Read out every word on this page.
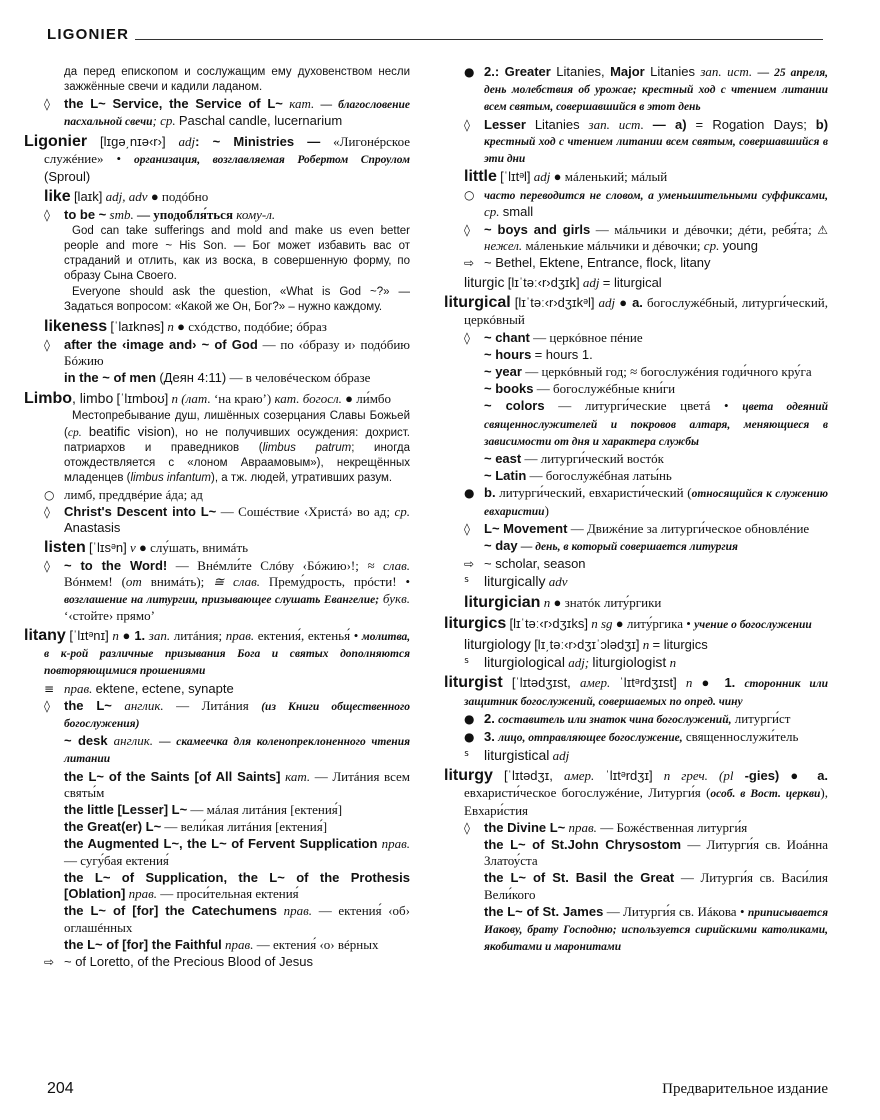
LIGONIER
да перед епископом и сослужащим ему духовенством несли зажжённые свечи и кадили ладаном.
◊ the L~ Service, the Service of L~ кат. — благословение пасхальной свечи; ср. Paschal candle, lucernarium
Ligonier [lɪgə͵nɪə‹r›] adj: ~ Ministries — «Лигонéрское служéние» • организация, возглавляемая Робертом Спроулом (Sproul)
like [laɪk] adj, adv ● подóбно
◊ to be ~ smb. — уподобля́ться кому-л.
God can take sufferings and mold and make us even better people and more ~ His Son. — Бог может избавить вас от страданий и отлить, как из воска, в совершенную форму, по образу Сына Своего.
Everyone should ask the question, «What is God ~?» — Задаться вопросом: «Какой же Он, Бог?» – нужно каждому.
likeness [ˈlaɪknəs] n ● схóдство, подóбие; óбраз
◊ after the ‹image and› ~ of God — по ‹óбразу и› подóбию Бóжию
in the ~ of men (Деян 4:11) — в человéческом óбразе
Limbo, limbo [ˈlɪmboʊ] n (лат. ‘на краю’) кат. богосл. ● ли́мбо
Местопребывание душ, лишённых созерцания Славы Божьей (ср. beatific vision), но не получивших осуждения: дохрист. патриархов и праведников (limbus patrum; иногда отождествляется с «лоном Авраамовым»), некрещённых младенцев (limbus infantum), а тж. людей, утративших разум.
○ лимб, преддвéрие áда; ад
◊ Christ's Descent into L~ — Сошéствие ‹Христá› во ад; ср. Anastasis
listen [ˈlɪsᵊn] v ● слу́шать, внимáть
◊ ~ to the Word! — Внéмли́те Слóву ‹Бóжию›!; ≈ слав. Вóнмем! (от внимáть); ≅ слав. Прему́дрость, прóсти! • возглашение на литургии, призывающее слушать Евангелие; букв. ‘‹стойте› прямо’
litany [ˈlɪtᵊnɪ] n ● 1. зап. литáния; прав. ектения́, ектенья́ • молитва, в к-рой различные призывания Бога и святых дополняются повторяющимися прошениями
≡ прав. ektene, ectene, synapte
◊ the L~ англик. — Литáния (из Книги общественного богослужения)
~ desk англик. — скамеечка для коленопреклоненного чтения литании
the L~ of the Saints [of All Saints] кат. — Литáния всем святы́м
the little [Lesser] L~ — мáлая литáния [ектения́]
the Great(er) L~ — вели́кая литáния [ектения́]
the Augmented L~, the L~ of Fervent Supplication прав. — сугу́бая ектения́
the L~ of Supplication, the L~ of the Prothesis [Oblation] прав. — проси́тельная ектения́
the L~ of [for] the Catechumens прав. — ектения́ ‹об› оглашéнных
the L~ of [for] the Faithful прав. — ектения́ ‹о› вéрных
⇨ ~ of Loretto, of the Precious Blood of Jesus
● 2.: Greater Litanies, Major Litanies зап. ист. — 25 апреля, день молебствия об урожае; крестный ход с чтением литании всем святым, совершавшийся в этот день
◊ Lesser Litanies зап. ист. — a) = Rogation Days; b) крестный ход с чтением литании всем святым, совершавшийся в эти дни
little [ˈlɪtᵊl] adj ● мáленький; мáлый
○ часто переводится не словом, а уменьшительными суффиксами, ср. small
◊ ~ boys and girls — мáльчики и дéвочки; дéти, ребя́та; ⚠ нежел. мáленькие мáльчики и дéвочки; ср. young
⇨ ~ Bethel, Ektene, Entrance, flock, litany
liturgic [lɪˈtəː‹r›dʒɪk] adj = liturgical
liturgical [lɪˈtəː‹r›dʒɪkᵊl] adj ● a. богослужéбный, литурги́ческий, церкóвный
◊ ~ chant — церкóвное пéние
~ hours = hours 1.
~ year — церкóвный год; ≈ богослужéния годи́чного кру́га
~ books — богослужéбные кни́ги
~ colors — литурги́ческие цветá • цвета одеяний священнослужителей и покровов алтаря, меняющиеся в зависимости от дня и характера службы
~ east — литурги́ческий востóк
~ Latin — богослужéбная латы́нь
● b. литурги́ческий, евхаристи́ческий (относящийся к служению евхаристии)
◊ L~ Movement — Движéние за литурги́ческое обновлéние
~ day — день, в который совершается литургия
⇨ ~ scholar, season
ᔆ liturgically adv
liturgician n ● знатóк литу́ргики
liturgics [lɪˈtəː‹r›dʒɪks] n sg ● литу́ргика • учение о богослужении
liturgiology [lɪ͵təː‹r›dʒɪˈɔlədʒɪ] n = liturgics
ᔆ liturgiological adj; liturgiologist n
liturgist [ˈlɪtədʒɪst, амер. ˈlɪtᵊrdʒɪst] n ● 1. сторонник или защитник богослужений, совершаемых по опред. чину
● 2. составитель или знаток чина богослужений, литурги́ст
● 3. лицо, отправляющее богослужение, священнослужи́тель
ᔆ liturgistical adj
liturgy [ˈlɪtədʒɪ, амер. ˈlɪtᵊrdʒɪ] n греч. (pl -gies) ● a. евхаристи́ческое богослужéние, Литурги́я (особ. в Вост. церкви), Евхари́стия
◊ the Divine L~ прав. — Божéственная литурги́я
the L~ of St.John Chrysostom — Литурги́я св. Иоáнна Златоу́ста
the L~ of St. Basil the Great — Литурги́я св. Васи́лия Вели́кого
the L~ of St. James — Литурги́я св. Иáкова • приписывается Иакову, брату Господню; используется сирийскими католиками, якобитами и маронитами
204	Предварительное издание
